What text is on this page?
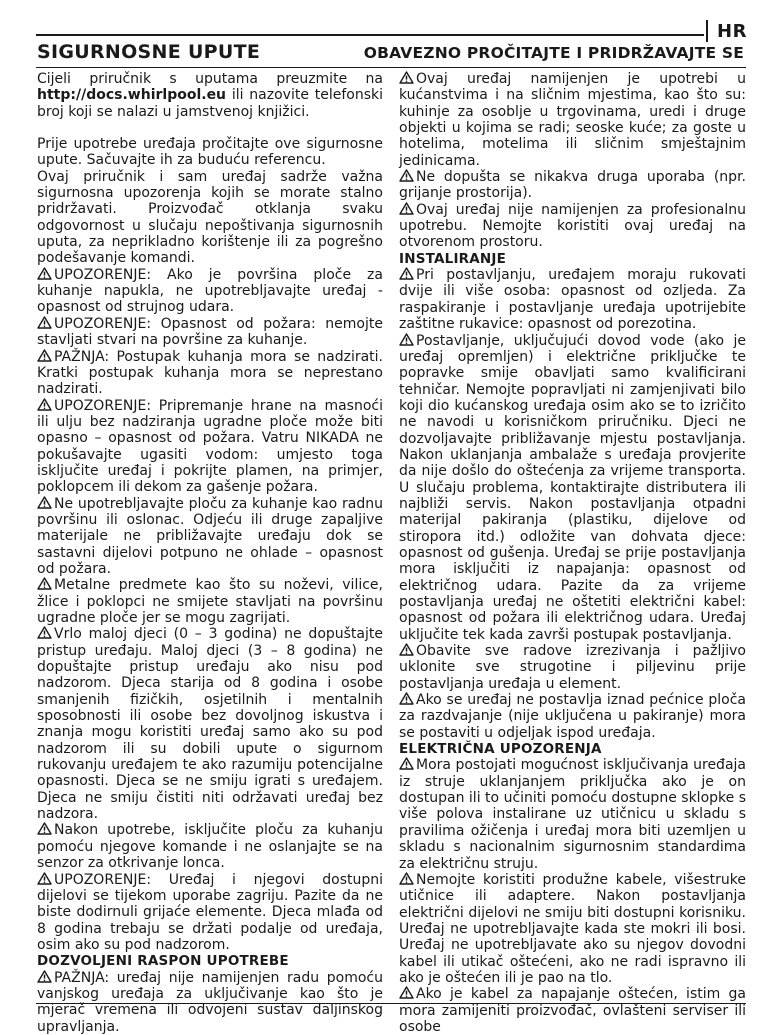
HR
SIGURNOSNE UPUTE	OBAVEZNO PROČITAJTE I PRIDRŽAVAJTE SE

Cijeli priručnik s uputama preuzmite na http://docs.whirlpool.eu ili nazovite telefonski broj koji se nalazi u jamstvenoj knjižici.

Prije upotrebe uređaja pročitajte ove sigurnosne upute. Sačuvajte ih za buduću referencu.

Ovaj priručnik i sam uređaj sadrže važna sigurnosna upozorenja kojih se morate stalno pridržavati. Proizvođač otklanja svaku odgovornost u slučaju nepoštivanja sigurnosnih uputa, za neprikladno korištenje ili za pogrešno podešavanje komandi.

UPOZORENJE: Ako je površina ploče za kuhanje napukla, ne upotrebljavajte uređaj - opasnost od strujnog udara.

UPOZORENJE: Opasnost od požara: nemojte stavljati stvari na površine za kuhanje.

PAŽNJA: Postupak kuhanja mora se nadzirati. Kratki postupak kuhanja mora se neprestano nadzirati.

UPOZORENJE: Pripremanje hrane na masnoći ili ulju bez nadziranja ugradne ploče može biti opasno – opasnost od požara. Vatru NIKADA ne pokušavajte ugasiti vodom: umjesto toga isključite uređaj i pokrijte plamen, na primjer, poklopcem ili dekom za gašenje požara.

Ne upotrebljavajte ploču za kuhanje kao radnu površinu ili oslonac. Odjeću ili druge zapaljive materijale ne približavajte uređaju dok se sastavni dijelovi potpuno ne ohlade – opasnost od požara.

Metalne predmete kao što su noževi, vilice, žlice i poklopci ne smijete stavljati na površinu ugradne ploče jer se mogu zagrijati.

Vrlo maloj djeci (0 – 3 godina) ne dopuštajte pristup uređaju. Maloj djeci (3 – 8 godina) ne dopuštajte pristup uređaju ako nisu pod nadzorom. Djeca starija od 8 godina i osobe smanjenih fizičkih, osjetilnih i mentalnih sposobnosti ili osobe bez dovoljnog iskustva i znanja mogu koristiti uređaj samo ako su pod nadzorom ili su dobili upute o sigurnom rukovanju uređajem te ako razumiju potencijalne opasnosti. Djeca se ne smiju igrati s uređajem. Djeca ne smiju čistiti niti održavati uređaj bez nadzora.

Nakon upotrebe, isključite ploču za kuhanju pomoću njegove komande i ne oslanjajte se na senzor za otkrivanje lonca.

UPOZORENJE: Uređaj i njegovi dostupni dijelovi se tijekom uporabe zagriju. Pazite da ne biste dodirnuli grijaće elemente. Djeca mlađa od 8 godina trebaju se držati podalje od uređaja, osim ako su pod nadzorom.

DOZVOLJENI RASPON UPOTREBE

PAŽNJA: uređaj nije namijenjen radu pomoću vanjskog uređaja za uključivanje kao što je mjerač vremena ili odvojeni sustav daljinskog upravljanja.

Ovaj uređaj namijenjen je upotrebi u kućanstvima i na sličnim mjestima, kao što su: kuhinje za osoblje u trgovinama, uredi i druge objekti u kojima se radi; seoske kuće; za goste u hotelima, motelima ili sličnim smještajnim jedinicama.

Ne dopušta se nikakva druga uporaba (npr. grijanje prostorija).

Ovaj uređaj nije namijenjen za profesionalnu upotrebu. Nemojte koristiti ovaj uređaj na otvorenom prostoru.

INSTALIRANJE

Pri postavljanju, uređajem moraju rukovati dvije ili više osoba: opasnost od ozljeda. Za raspakiranje i postavljanje uređaja upotrijebite zaštitne rukavice: opasnost od porezotina.

Postavljanje, uključujući dovod vode (ako je uređaj opremljen) i električne priključke te popravke smije obavljati samo kvalificirani tehničar. Nemojte popravljati ni zamjenjivati bilo koji dio kućanskog uređaja osim ako se to izričito ne navodi u korisničkom priručniku. Djeci ne dozvoljavajte približavanje mjestu postavljanja. Nakon uklanjanja ambalaže s uređaja provjerite da nije došlo do oštećenja za vrijeme transporta. U slučaju problema, kontaktirajte distributera ili najbliži servis. Nakon postavljanja otpadni materijal pakiranja (plastiku, dijelove od stiropora itd.) odložite van dohvata djece: opasnost od gušenja. Uređaj se prije postavljanja mora isključiti iz napajanja: opasnost od električnog udara. Pazite da za vrijeme postavljanja uređaj ne oštetiti električni kabel: opasnost od požara ili električnog udara. Uređaj uključite tek kada završi postupak postavljanja.

Obavite sve radove izrezivanja i pažljivo uklonite sve strugotine i piljevinu prije postavljanja uređaja u element.

Ako se uređaj ne postavlja iznad pećnice ploča za razdvajanje (nije uključena u pakiranje) mora se postaviti u odjeljak ispod uređaja.

ELEKTRIČNA UPOZORENJA

Mora postojati mogućnost isključivanja uređaja iz struje uklanjanjem priključka ako je on dostupan ili to učiniti pomoću dostupne sklopke s više polova instalirane uz utičnicu u skladu s pravilima ožičenja i uređaj mora biti uzemljen u skladu s nacionalnim sigurnosnim standardima za električnu struju.

Nemojte koristiti produžne kabele, višestruke utičnice ili adaptere. Nakon postavljanja električni dijelovi ne smiju biti dostupni korisniku. Uređaj ne upotrebljavajte kada ste mokri ili bosi. Uređaj ne upotrebljavate ako su njegov dovodni kabel ili utikač oštećeni, ako ne radi ispravno ili ako je oštećen ili je pao na tlo.

Ako je kabel za napajanje oštećen, istim ga mora zamijeniti proizvođač, ovlašteni serviser ili osobe
